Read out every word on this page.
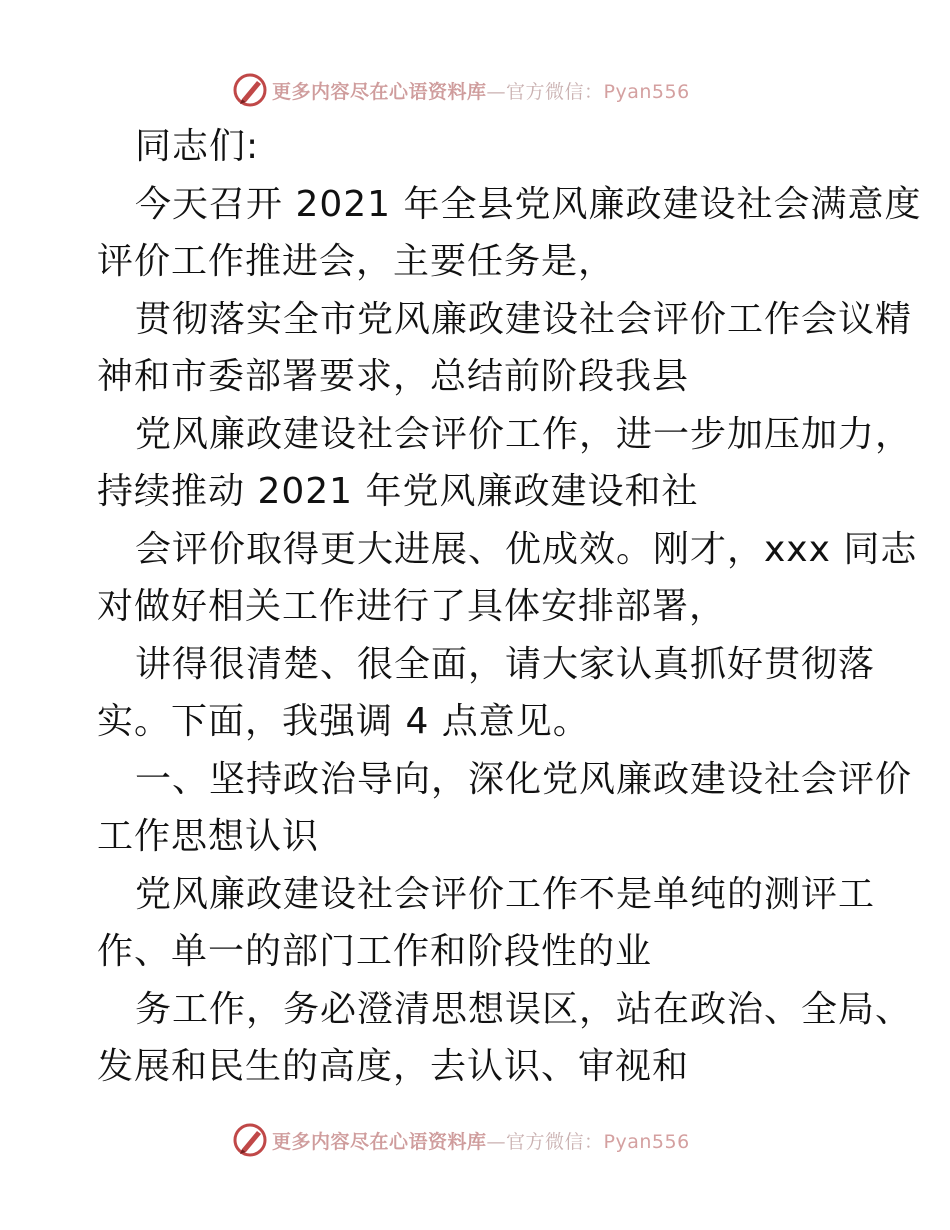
更多内容尽在心语资料库—官方微信：Pyan556
同志们:
今天召开 2021 年全县党风廉政建设社会满意度
评价工作推进会，主要任务是，
贯彻落实全市党风廉政建设社会评价工作会议精
神和市委部署要求，总结前阶段我县
党风廉政建设社会评价工作，进一步加压加力，
持续推动 2021 年党风廉政建设和社
会评价取得更大进展、优成效。刚才，xxx 同志
对做好相关工作进行了具体安排部署，
讲得很清楚、很全面，请大家认真抓好贯彻落
实。下面，我强调 4 点意见。
一、坚持政治导向，深化党风廉政建设社会评价
工作思想认识
党风廉政建设社会评价工作不是单纯的测评工
作、单一的部门工作和阶段性的业
务工作，务必澄清思想误区，站在政治、全局、
发展和民生的高度，去认识、审视和
更多内容尽在心语资料库—官方微信：Pyan556
